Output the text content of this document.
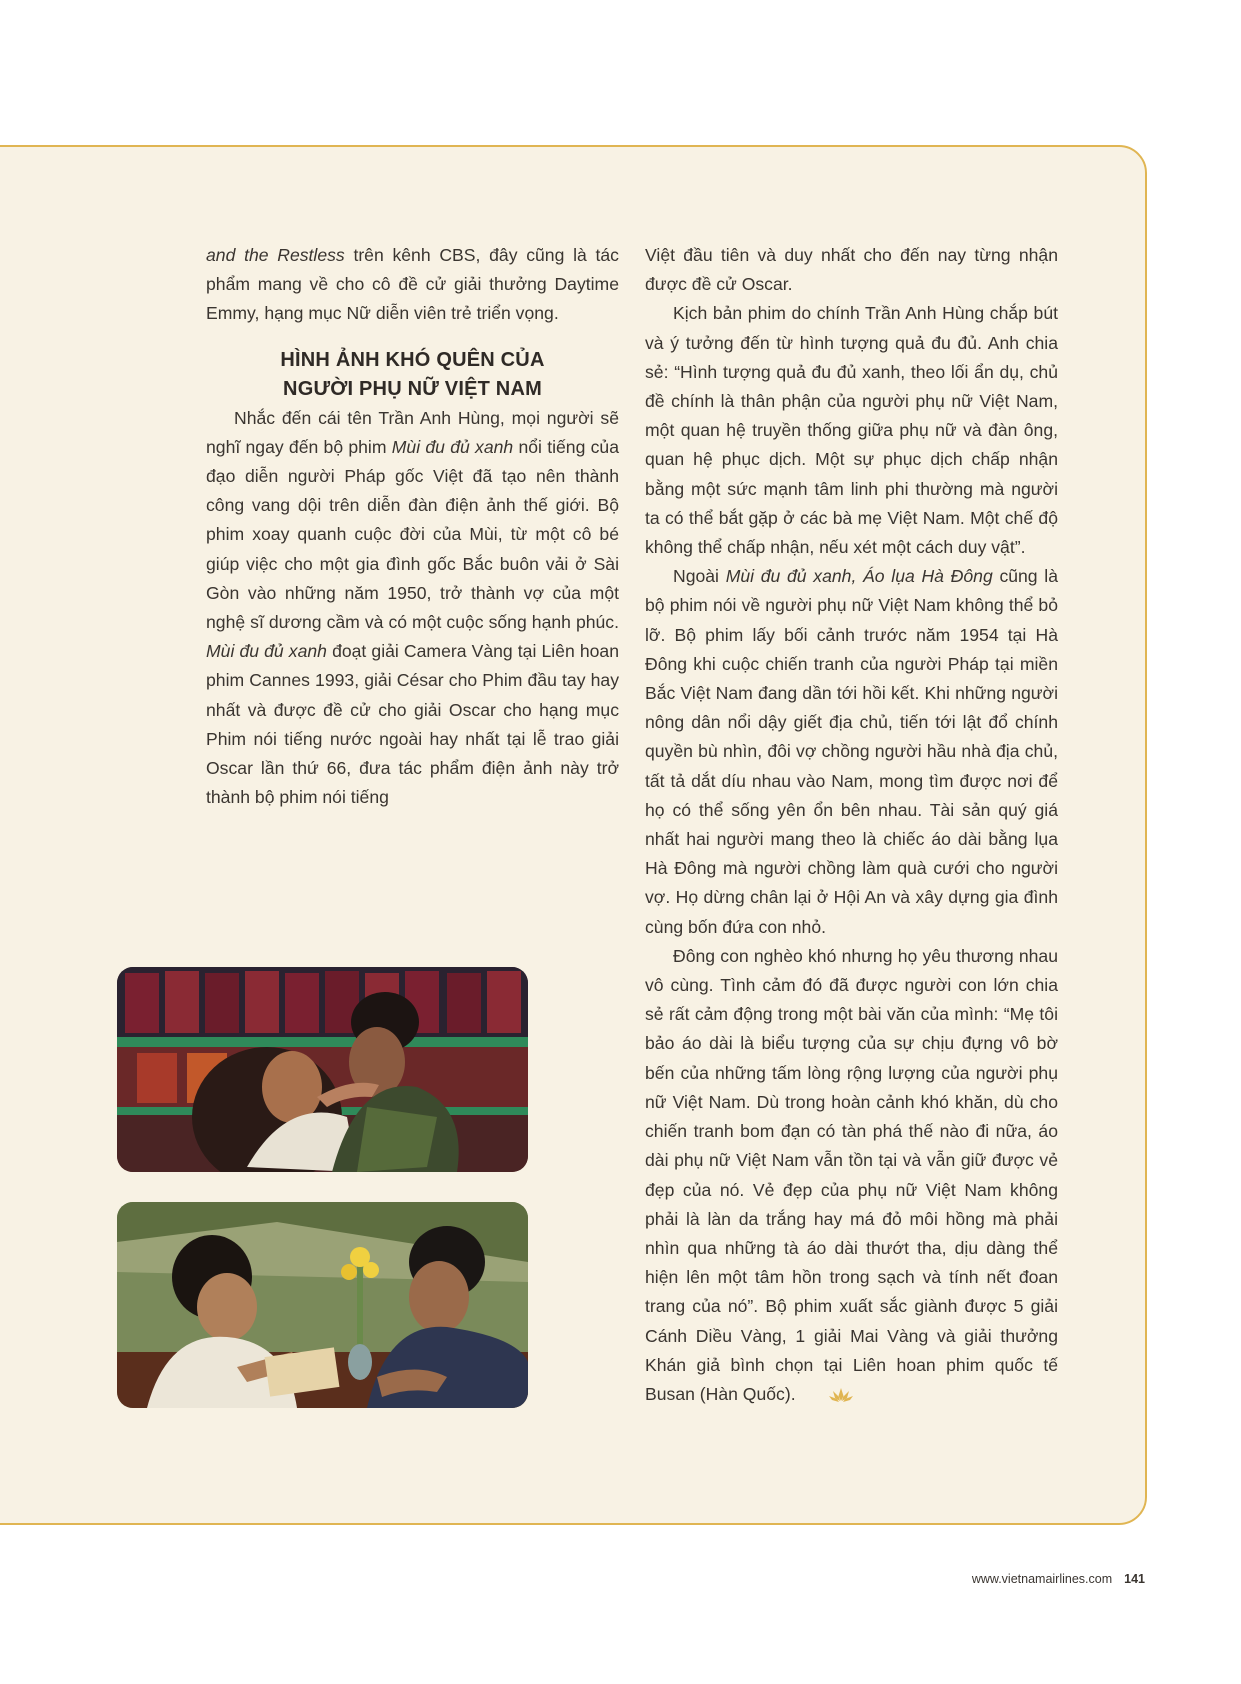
and the Restless trên kênh CBS, đây cũng là tác phẩm mang về cho cô đề cử giải thưởng Daytime Emmy, hạng mục Nữ diễn viên trẻ triển vọng.

HÌNH ẢNH KHÓ QUÊN CỦA
NGƯỜI PHỤ NỮ VIỆT NAM

Nhắc đến cái tên Trần Anh Hùng, mọi người sẽ nghĩ ngay đến bộ phim Mùi đu đủ xanh nổi tiếng của đạo diễn người Pháp gốc Việt đã tạo nên thành công vang dội trên diễn đàn điện ảnh thế giới. Bộ phim xoay quanh cuộc đời của Mùi, từ một cô bé giúp việc cho một gia đình gốc Bắc buôn vải ở Sài Gòn vào những năm 1950, trở thành vợ của một nghệ sĩ dương cầm và có một cuộc sống hạnh phúc. Mùi đu đủ xanh đoạt giải Camera Vàng tại Liên hoan phim Cannes 1993, giải César cho Phim đầu tay hay nhất và được đề cử cho giải Oscar cho hạng mục Phim nói tiếng nước ngoài hay nhất tại lễ trao giải Oscar lần thứ 66, đưa tác phẩm điện ảnh này trở thành bộ phim nói tiếng

Việt đầu tiên và duy nhất cho đến nay từng nhận được đề cử Oscar.

Kịch bản phim do chính Trần Anh Hùng chắp bút và ý tưởng đến từ hình tượng quả đu đủ. Anh chia sẻ: “Hình tượng quả đu đủ xanh, theo lối ẩn dụ, chủ đề chính là thân phận của người phụ nữ Việt Nam, một quan hệ truyền thống giữa phụ nữ và đàn ông, quan hệ phục dịch. Một sự phục dịch chấp nhận bằng một sức mạnh tâm linh phi thường mà người ta có thể bắt gặp ở các bà mẹ Việt Nam. Một chế độ không thể chấp nhận, nếu xét một cách duy vật”.

Ngoài Mùi đu đủ xanh, Áo lụa Hà Đông cũng là bộ phim nói về người phụ nữ Việt Nam không thể bỏ lỡ. Bộ phim lấy bối cảnh trước năm 1954 tại Hà Đông khi cuộc chiến tranh của người Pháp tại miền Bắc Việt Nam đang dần tới hồi kết. Khi những người nông dân nổi dậy giết địa chủ, tiến tới lật đổ chính quyền bù nhìn, đôi vợ chồng người hầu nhà địa chủ, tất tả dắt díu nhau vào Nam, mong tìm được nơi để họ có thể sống yên ổn bên nhau. Tài sản quý giá nhất hai người mang theo là chiếc áo dài bằng lụa Hà Đông mà người chồng làm quà cưới cho người vợ. Họ dừng chân lại ở Hội An và xây dựng gia đình cùng bốn đứa con nhỏ.

Đông con nghèo khó nhưng họ yêu thương nhau vô cùng. Tình cảm đó đã được người con lớn chia sẻ rất cảm động trong một bài văn của mình: “Mẹ tôi bảo áo dài là biểu tượng của sự chịu đựng vô bờ bến của những tấm lòng rộng lượng của người phụ nữ Việt Nam. Dù trong hoàn cảnh khó khăn, dù cho chiến tranh bom đạn có tàn phá thế nào đi nữa, áo dài phụ nữ Việt Nam vẫn tồn tại và vẫn giữ được vẻ đẹp của nó. Vẻ đẹp của phụ nữ Việt Nam không phải là làn da trắng hay má đỏ môi hồng mà phải nhìn qua những tà áo dài thướt tha, dịu dàng thể hiện lên một tâm hồn trong sạch và tính nết đoan trang của nó”. Bộ phim xuất sắc giành được 5 giải Cánh Diều Vàng, 1 giải Mai Vàng và giải thưởng Khán giả bình chọn tại Liên hoan phim quốc tế Busan (Hàn Quốc).

www.vietnamairlines.com 141
